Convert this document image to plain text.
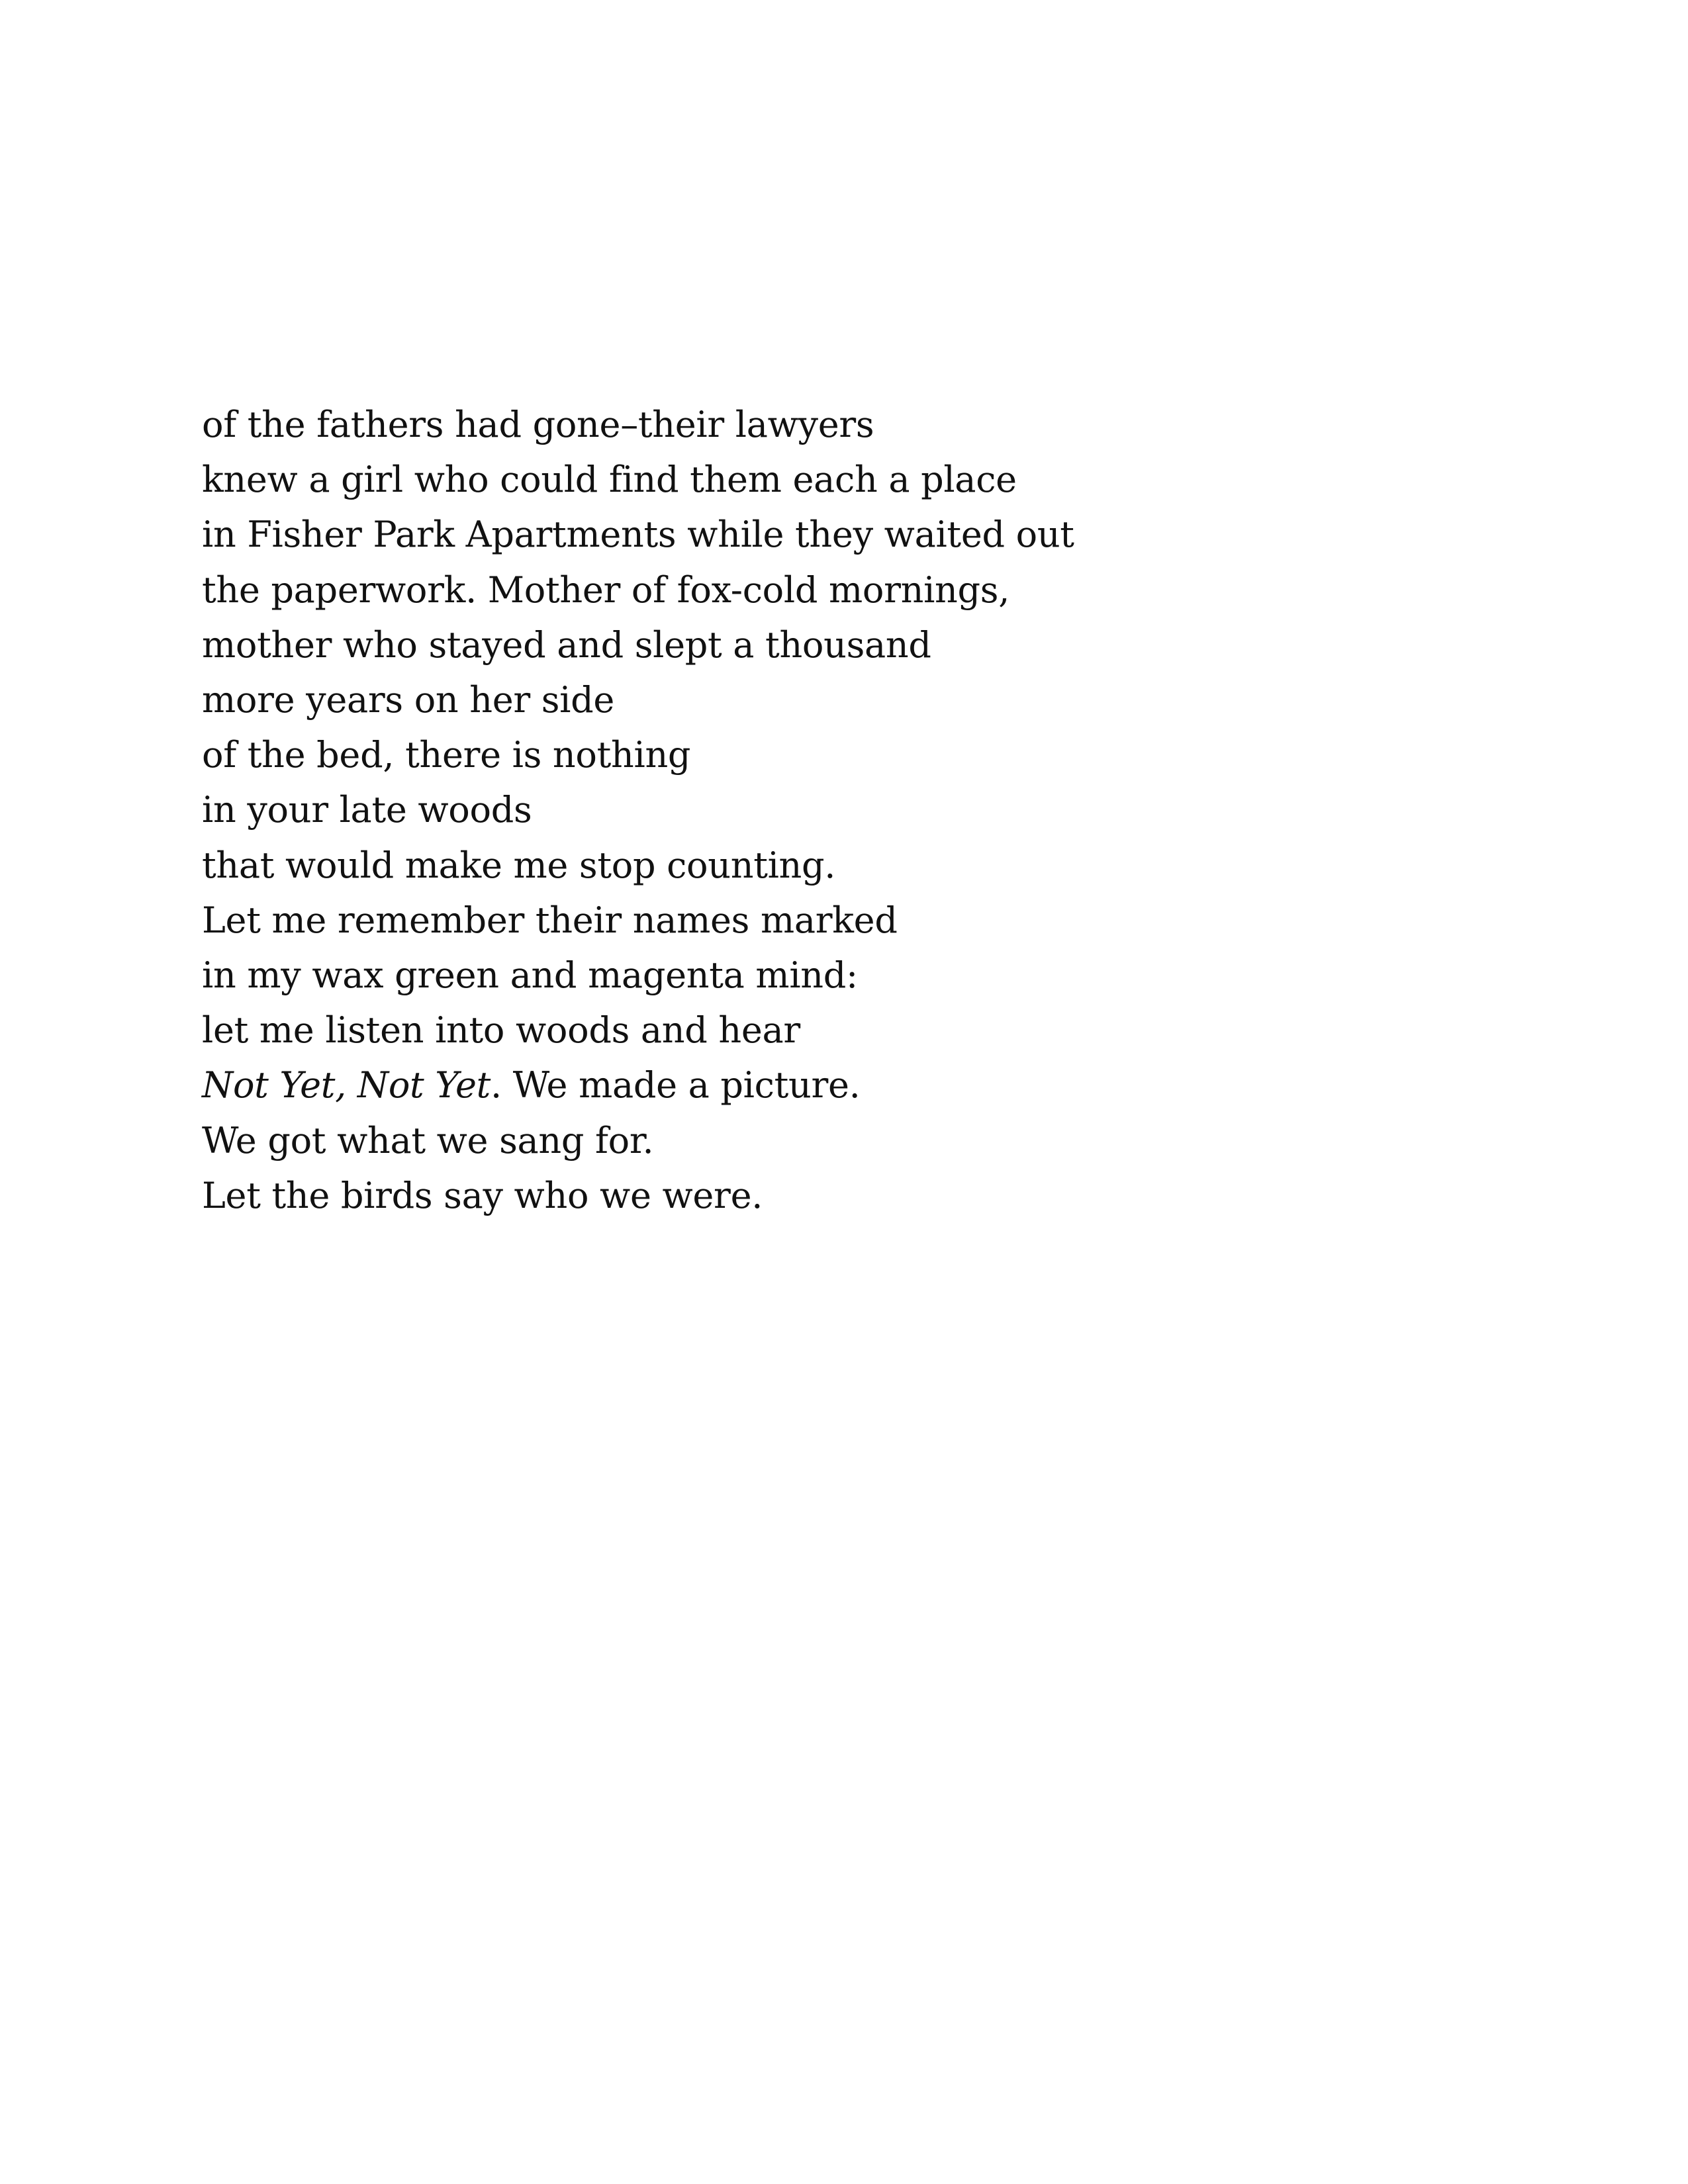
of the fathers had gone–their lawyers
knew a girl who could find them each a place
in Fisher Park Apartments while they waited out
the paperwork. Mother of fox-cold mornings,
mother who stayed and slept a thousand
more years on her side
of the bed, there is nothing
in your late woods
that would make me stop counting.
Let me remember their names marked
in my wax green and magenta mind:
let me listen into woods and hear
Not Yet, Not Yet. We made a picture.
We got what we sang for.
Let the birds say who we were.
